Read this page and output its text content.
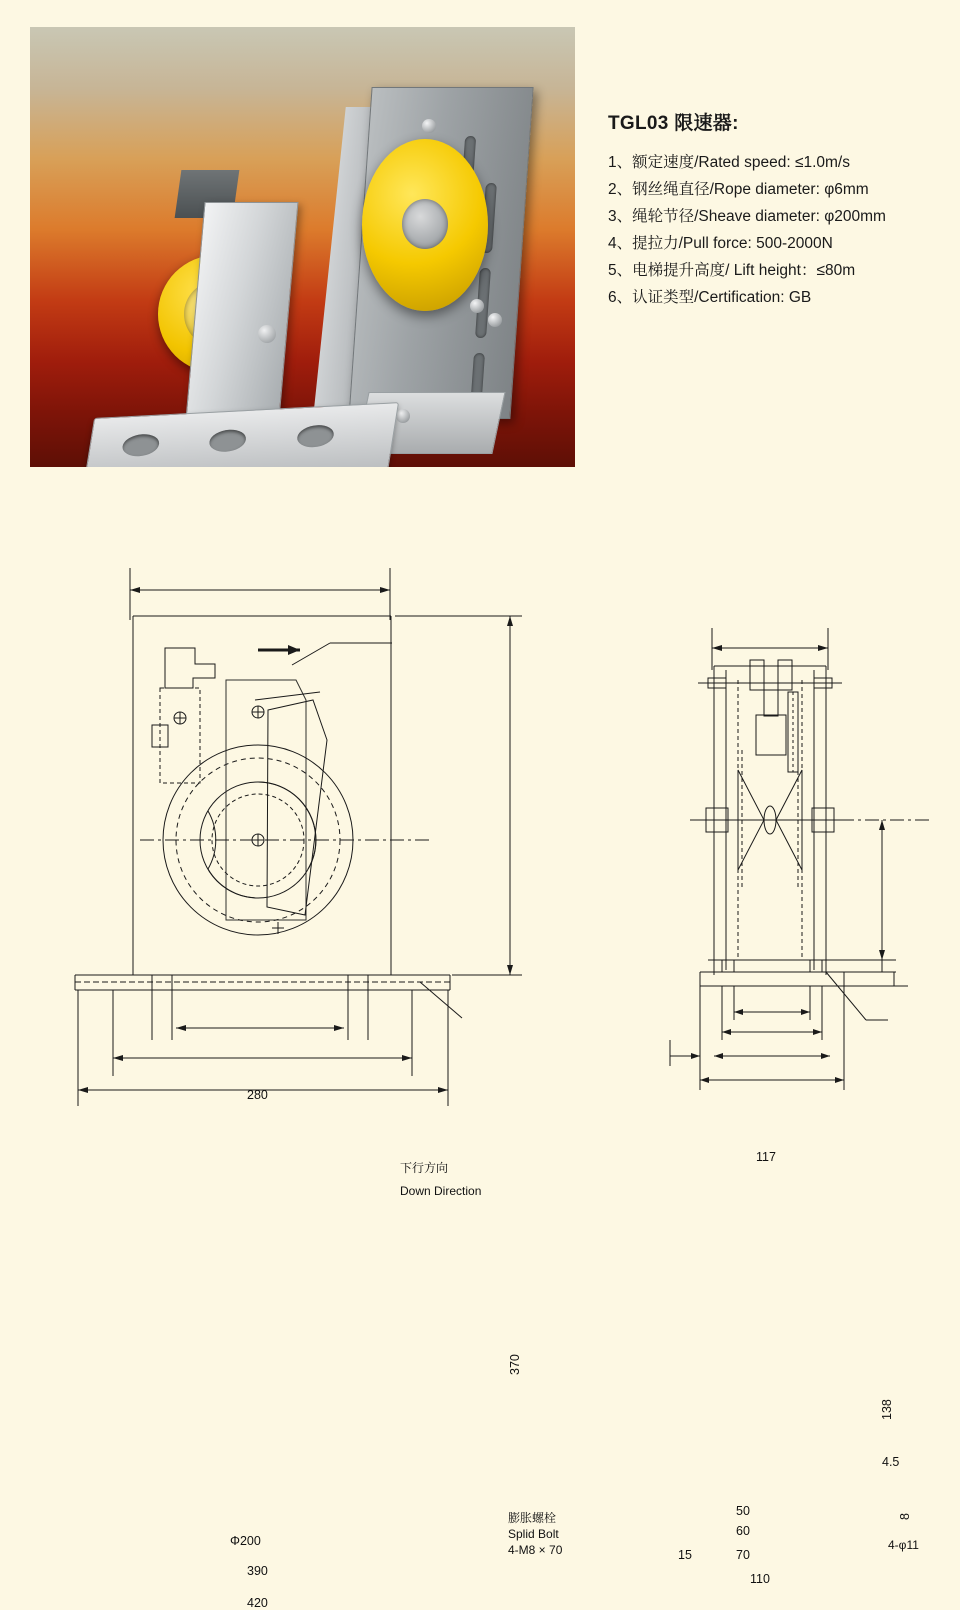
TGL03 限速器:
1、额定速度/Rated speed: ≤1.0m/s
2、钢丝绳直径/Rope diameter: φ6mm
3、绳轮节径/Sheave diameter: φ200mm
4、提拉力/Pull force: 500-2000N
5、电梯提升高度/ Lift height：≤80m
6、认证类型/Certification: GB
280
370
Φ200
390
420
下行方向
Down Direction
膨胀螺栓
Splid Bolt
4-M8 × 70
117
138
4.5
8
50
60
70
110
15
4-φ11
